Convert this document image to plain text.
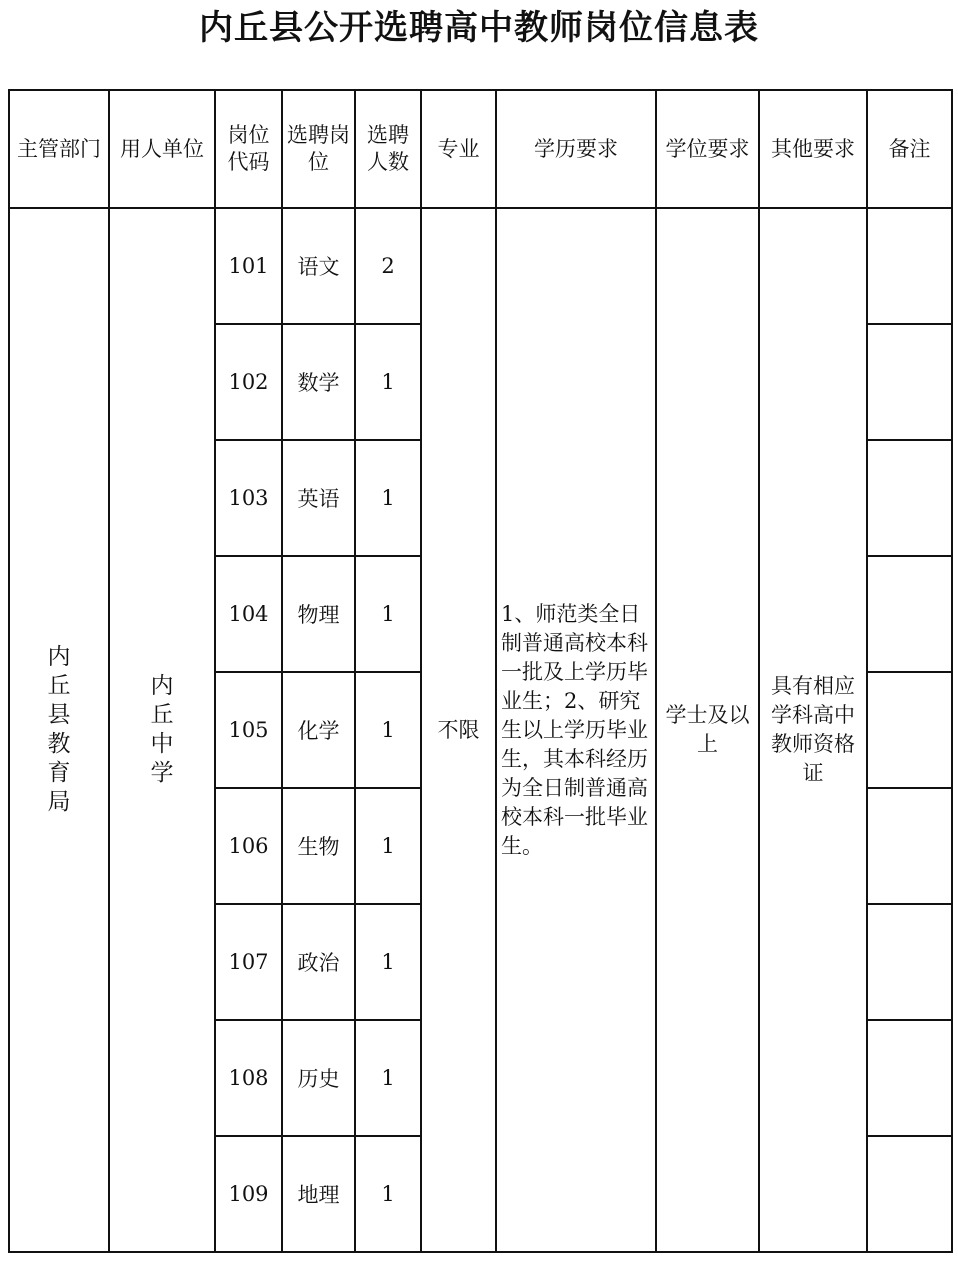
内丘县公开选聘高中教师岗位信息表
主管部门	用人单位	岗位代码	选聘岗位	选聘人数	专业	学历要求	学位要求	其他要求	备注
内丘县教育局	内丘中学	101	语文	2	不限	1、师范类全日制普通高校本科一批及上学历毕业生；2、研究生以上学历毕业生，其本科经历为全日制普通高校本科一批毕业生。	学士及以上	具有相应学科高中教师资格证	
		102	数学	1					
		103	英语	1					
		104	物理	1					
		105	化学	1					
		106	生物	1					
		107	政治	1					
		108	历史	1					
		109	地理	1					
